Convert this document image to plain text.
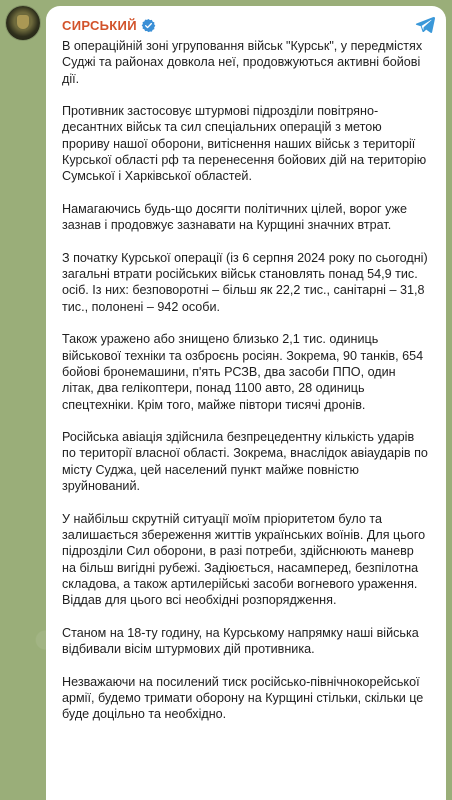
СИРСЬКИЙ

В операційній зоні угруповання військ "Курськ", у передмістях Суджі та районах довкола неї, продовжуються активні бойові дії.

Противник застосовує штурмові підрозділи повітряно-десантних військ та сил спеціальних операцій з метою прориву нашої оборони, витіснення наших військ з території Курської області рф та перенесення бойових дій на територію Сумської і Харківської областей.

Намагаючись будь-що досягти політичних цілей, ворог уже зазнав і продовжує зазнавати на Курщині значних втрат.

З початку Курської операції (із 6 серпня 2024 року по сьогодні) загальні втрати російських військ становлять понад 54,9 тис. осіб. Із них: безповоротні – більш як 22,2 тис., санітарні – 31,8 тис., полонені – 942 особи.

Також уражено або знищено близько 2,1 тис. одиниць військової техніки та озброєнь росіян. Зокрема, 90 танків, 654 бойові бронемашини, п'ять РСЗВ, два засоби ППО, один літак, два гелікоптери, понад 1100 авто, 28 одиниць спецтехніки. Крім того, майже півтори тисячі дронів.

Російська авіація здійснила безпрецедентну кількість ударів по території власної області. Зокрема, внаслідок авіаударів по місту Суджа, цей населений пункт майже повністю зруйнований.

У найбільш скрутній ситуації моїм пріоритетом було та залишається збереження життів українських воїнів. Для цього підрозділи Сил оборони, в разі потреби, здійснюють маневр на більш вигідні рубежі. Задіюється, насамперед, безпілотна складова, а також артилерійські засоби вогневого ураження. Віддав для цього всі необхідні розпорядження.

Станом на 18-ту годину, на Курському напрямку наші війська відбивали вісім штурмових дій противника.

Незважаючи на посилений тиск російсько-північнокорейської армії, будемо тримати оборону на Курщині стільки, скільки це буде доцільно та необхідно.
